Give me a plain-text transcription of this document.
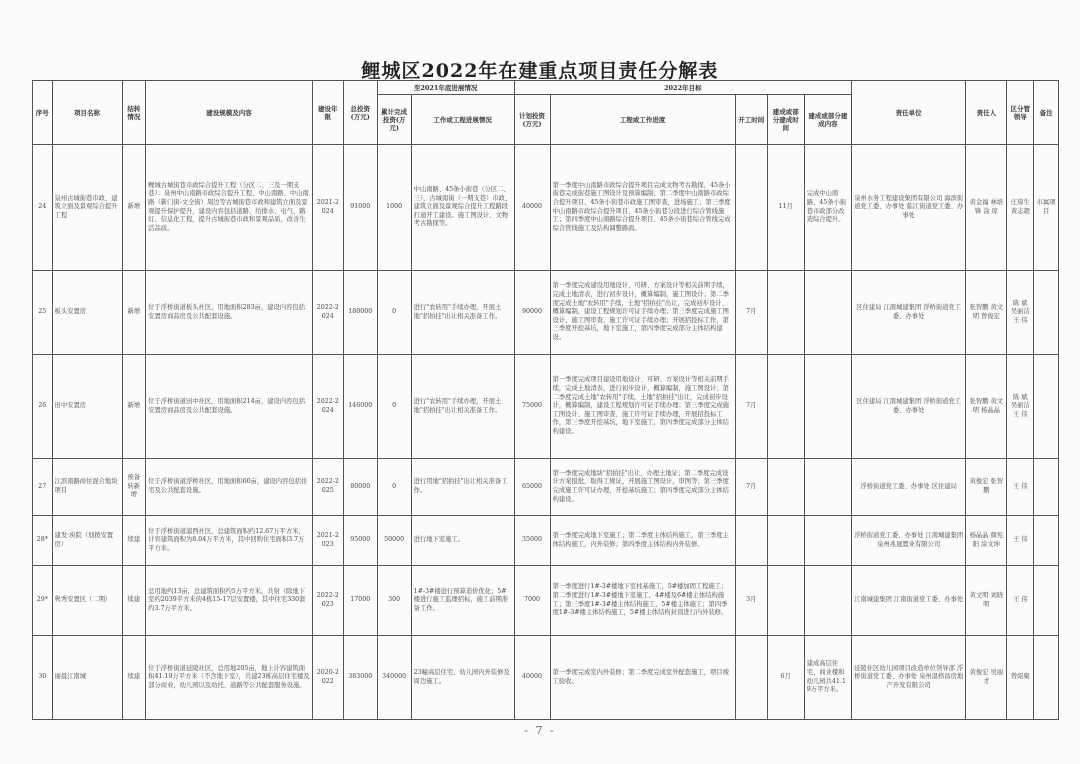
鲤城区2022年在建重点项目责任分解表
序号	项目名称	结转情况	建设规模及内容	建设年限	总投资(万元)	至2021年底进展情况		2022年目标					责任单位	责任人	区分管领导	备注
						累计完成投资(万元)	工作或工程进展情况	计划投资(万元)	工程或工作进度	开工时间	建成或部分建成时间	建成或部分建成内容				
24	泉州古城街巷市政、建筑立面及景观综合提升工程	新增	鲤城古城街巷市政综合提升工程（分区二、三及一期支巷）：泉州中山南路市政综合提升工程、中山南路、中山南路（新门街-文全街）周边等古城街巷市政和建筑立面及景观提升保护提升，建设内容包括道路、给排水、电气、路灯、信息化工程，提升古城街巷市政和景观品质，改善生活品质。	2021-2024	91000	1000	中山南路、45条小街巷（分区二、三），古城南街（一期支巷）市政、建筑立面及景观综合提升工程路段打通开工建设。施工图设计、文物考古勘探等。	40000	第一季度中山南路市政综合提升项目完成文物考古勘探，45条小街巷完成街巷施工图设计及预算编制；第二季度中山南路市政综合提升项目、45条小街巷市政施工图审查，进场施工；第三季度中山南路市政综合提升项目、45条小街巷分段进行综合管线施工；第四季度中山南路综合提升项目、45条小街巷综合管线完成综合管线施工及结构调整路面。		11月	完成中山南路、45条小街巷市政部分改造综合提升。	泉州水务工程建设集团有限公司 海滨街道党工委、办事处 临江街道党工委、办事处	黄金福 林培锋 涂 琼	庄琼生 黄志超	市属项目
25	板头安置房	新增	位于浮桥街道板头社区，用地面积283亩，建设内容包括安置房商品房及公共配套设施。	2022-2024	180000	0	进行"农转用"手续办理，开展土地"招拍挂"出让相关准备工作。	90000	第一季度完成建设用地设计、可研、方案设计等相关前期手续，完成土地清表，进行初步设计，概算编制，施工图设计；第二季度完成土地"农转用"手续，土地"招拍挂"出让，完成初步设计、概算编制，建设工程规划许可证手续办理；第三季度完成施工图设计、施工图审查、施工许可证手续办理；开展招投标工作，第三季度开挖基坑，地下室施工，第四季度完成部分主体结构建设。	7月			区住建局 江南城建集团 浮桥街道党工委、办事处	张智鹏 黄文明 曾俊宏	陈 斌 吴丽洁 王 伟	
26	田中安置房	新增	位于浮桥街道田中社区，用地面积214亩，建设内容包括安置房商品房及公共配套设施。	2022-2024	146000	0	进行"农转用"手续办理，开展土地"招拍挂"出让相关准备工作。	75000	第一季度完成项目建设用地设计、可研、方案设计等相关前期手续，完成土地清表，进行初步设计，概算编制，施工图设计；第二季度完成土地"农转用"手续，土地"招拍挂"出让，完成初步设计，概算编制，建设工程规划许可证手续办理；第三季度完成施工图设计、施工图审查、施工许可证手续办理，开展招投标工作，第三季度开挖基坑，地下室施工，第四季度完成部分主体结构建设。	7月			区住建局 江南城建集团 浮桥街道党工委、办事处	张智鹏 黄文明 杨晶晶	陈 斌 吴丽洁 王 伟	
27	江滨南路商住混合地块项目	预备转新增	位于浮桥街道浮桥社区，用地面积60亩，建设内容包括住宅及公共配套设施。	2022-2025	80000	0	进行用地"招拍挂"出让相关准备工作。	65000	第一季度完成地块"招拍挂"出让，办理土地证；第二季度完成设计方案报批，取得工规证，开展施工图设计，审图等；第三季度完成施工许可证办理，开挖基坑施工；第四季度完成部分主体结构建设。	7月			浮桥街道党工委、办事处 区住建局	黄俊宏 张智鹏	王 伟	
28*	建发·泱院（划拨安置房）	续建	位于浮桥街道浦西社区，总建筑面积约12.67万平方米，计容建筑面积为8.04万平方米，其中回购住宅面积3.7万平方米。	2021-2023	95000	50000	进行地下室施工。	35000	第一季度完成地下室施工；第二季度主体结构施工，第三季度主体结构施工，内外装修；第四季度主体结构内外装修。				浮桥街道党工委、办事处 江南城建集团 泉州兆晟置业有限公司	杨晶晶 颜宪阳 涂文坤	王 伟	
29*	隽秀安置区（二期）	续建	总用地约13亩，总建筑面积约5万平方米，共射（除地下室约2039平方米的4栋15-17层安置楼，其中住宅330套约3.7万平方米。	2022-2023	17000	300	1#-3#楼进行预算造价优化；5#楼进行施工监理招标，施工前期准备工作。	7000	第一季度进行1#-3#楼地下室柱基施工，5#楼加固工程施工；第二季度进行1#-3#楼地下室施工，4#楼及6#楼主体结构施工；第三季度1#-3#楼主体结构施工，5#楼主体施工；第四季度1#-3#楼主体结构施工，5#楼主体结构封顶进行内外装修。	3月			江南城建集团 江南街道党工委、办事处	黄文明 刘晓明	王 伟	
30	丽晨江南城	续建	位于浮桥街道延陵社区，总用地205亩，地上计容建筑面积41.19万平方米（不含地下室），共建23栋高层住宅楼及部分商业，幼儿园以及幼托、道路等公共配套服务设施。	2020-2022	383000	340000	23幢高层住宅、幼儿园内外装修及周边施工。	40000	第一季度完成室内外装修；第二季度完成室外配套施工，项目竣工验收。		6月	建成高层住宅、商业楼和幼儿园共41.19万平方米。	延陵社区幼儿园项目改造单位领导部 浮桥街道党工委、办事处 泉州温格昌房地产开发有限公司	黄俊宏 吴丽才	曾紹聚	
- 7 -
